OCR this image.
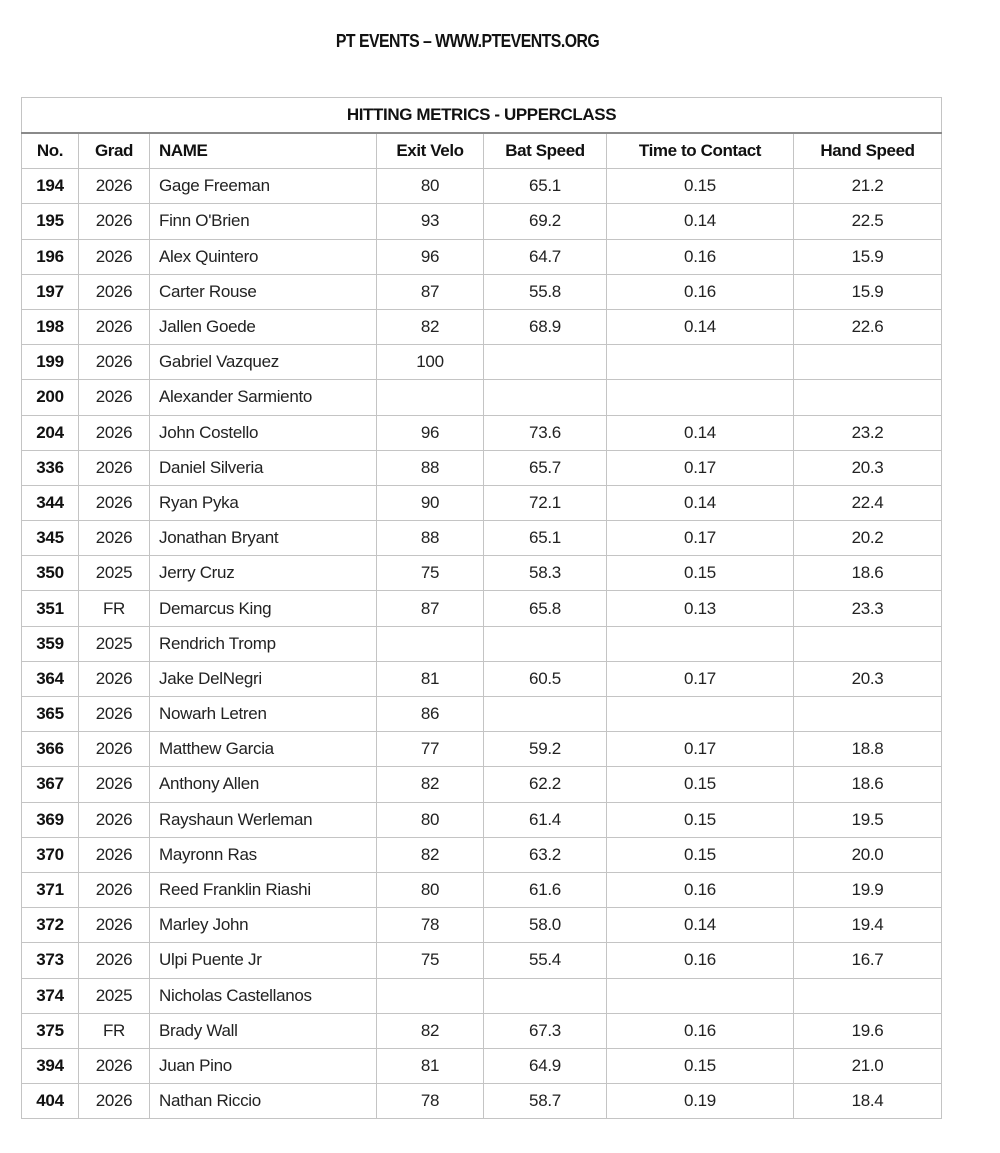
PT EVENTS – WWW.PTEVENTS.ORG
HITTING METRICS - UPPERCLASS						
No.	Grad	NAME	Exit Velo	Bat Speed	Time to Contact	Hand Speed
194	2026	Gage Freeman	80	65.1	0.15	21.2
195	2026	Finn O'Brien	93	69.2	0.14	22.5
196	2026	Alex Quintero	96	64.7	0.16	15.9
197	2026	Carter Rouse	87	55.8	0.16	15.9
198	2026	Jallen Goede	82	68.9	0.14	22.6
199	2026	Gabriel Vazquez	100			
200	2026	Alexander Sarmiento				
204	2026	John Costello	96	73.6	0.14	23.2
336	2026	Daniel Silveria	88	65.7	0.17	20.3
344	2026	Ryan Pyka	90	72.1	0.14	22.4
345	2026	Jonathan Bryant	88	65.1	0.17	20.2
350	2025	Jerry Cruz	75	58.3	0.15	18.6
351	FR	Demarcus King	87	65.8	0.13	23.3
359	2025	Rendrich Tromp				
364	2026	Jake DelNegri	81	60.5	0.17	20.3
365	2026	Nowarh Letren	86			
366	2026	Matthew Garcia	77	59.2	0.17	18.8
367	2026	Anthony Allen	82	62.2	0.15	18.6
369	2026	Rayshaun Werleman	80	61.4	0.15	19.5
370	2026	Mayronn Ras	82	63.2	0.15	20.0
371	2026	Reed Franklin Riashi	80	61.6	0.16	19.9
372	2026	Marley John	78	58.0	0.14	19.4
373	2026	Ulpi Puente Jr	75	55.4	0.16	16.7
374	2025	Nicholas Castellanos				
375	FR	Brady Wall	82	67.3	0.16	19.6
394	2026	Juan Pino	81	64.9	0.15	21.0
404	2026	Nathan Riccio	78	58.7	0.19	18.4
